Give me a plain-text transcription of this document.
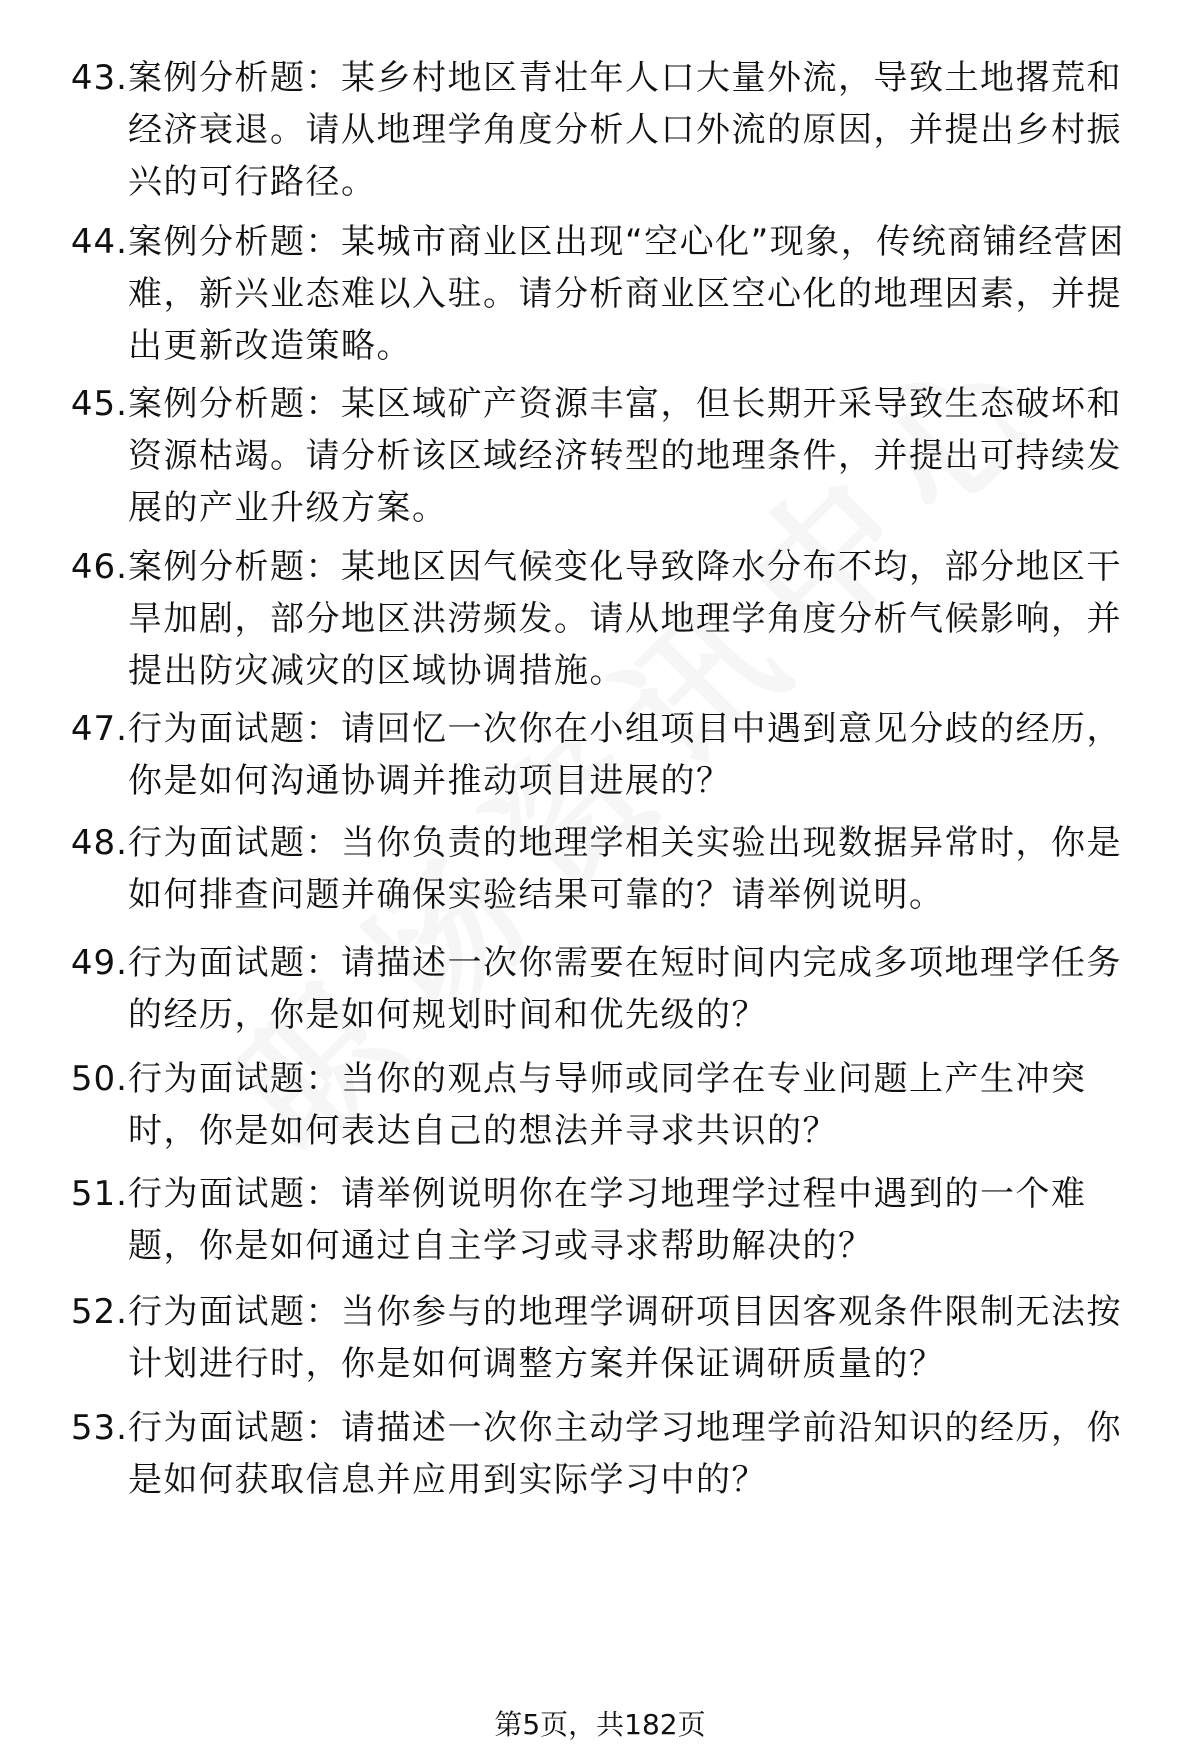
43. 案例分析题：某乡村地区青壮年人口大量外流，导致土地撂荒和经济衰退。请从地理学角度分析人口外流的原因，并提出乡村振兴的可行路径。
44. 案例分析题：某城市商业区出现“空心化”现象，传统商铺经营困难，新兴业态难以入驻。请分析商业区空心化的地理因素，并提出更新改造策略。
45. 案例分析题：某区域矿产资源丰富，但长期开采导致生态破坏和资源枯竭。请分析该区域经济转型的地理条件，并提出可持续发展的产业升级方案。
46. 案例分析题：某地区因气候变化导致降水分布不均，部分地区干旱加剧，部分地区洪涝频发。请从地理学角度分析气候影响，并提出防灾减灾的区域协调措施。
47. 行为面试题：请回忆一次你在小组项目中遇到意见分歧的经历，你是如何沟通协调并推动项目进展的？
48. 行为面试题：当你负责的地理学相关实验出现数据异常时，你是如何排查问题并确保实验结果可靠的？请举例说明。
49. 行为面试题：请描述一次你需要在短时间内完成多项地理学任务的经历，你是如何规划时间和优先级的？
50. 行为面试题：当你的观点与导师或同学在专业问题上产生冲突时，你是如何表达自己的想法并寻求共识的？
51. 行为面试题：请举例说明你在学习地理学过程中遇到的一个难题，你是如何通过自主学习或寻求帮助解决的？
52. 行为面试题：当你参与的地理学调研项目因客观条件限制无法按计划进行时，你是如何调整方案并保证调研质量的？
53. 行为面试题：请描述一次你主动学习地理学前沿知识的经历，你是如何获取信息并应用到实际学习中的？
第5页，共182页
